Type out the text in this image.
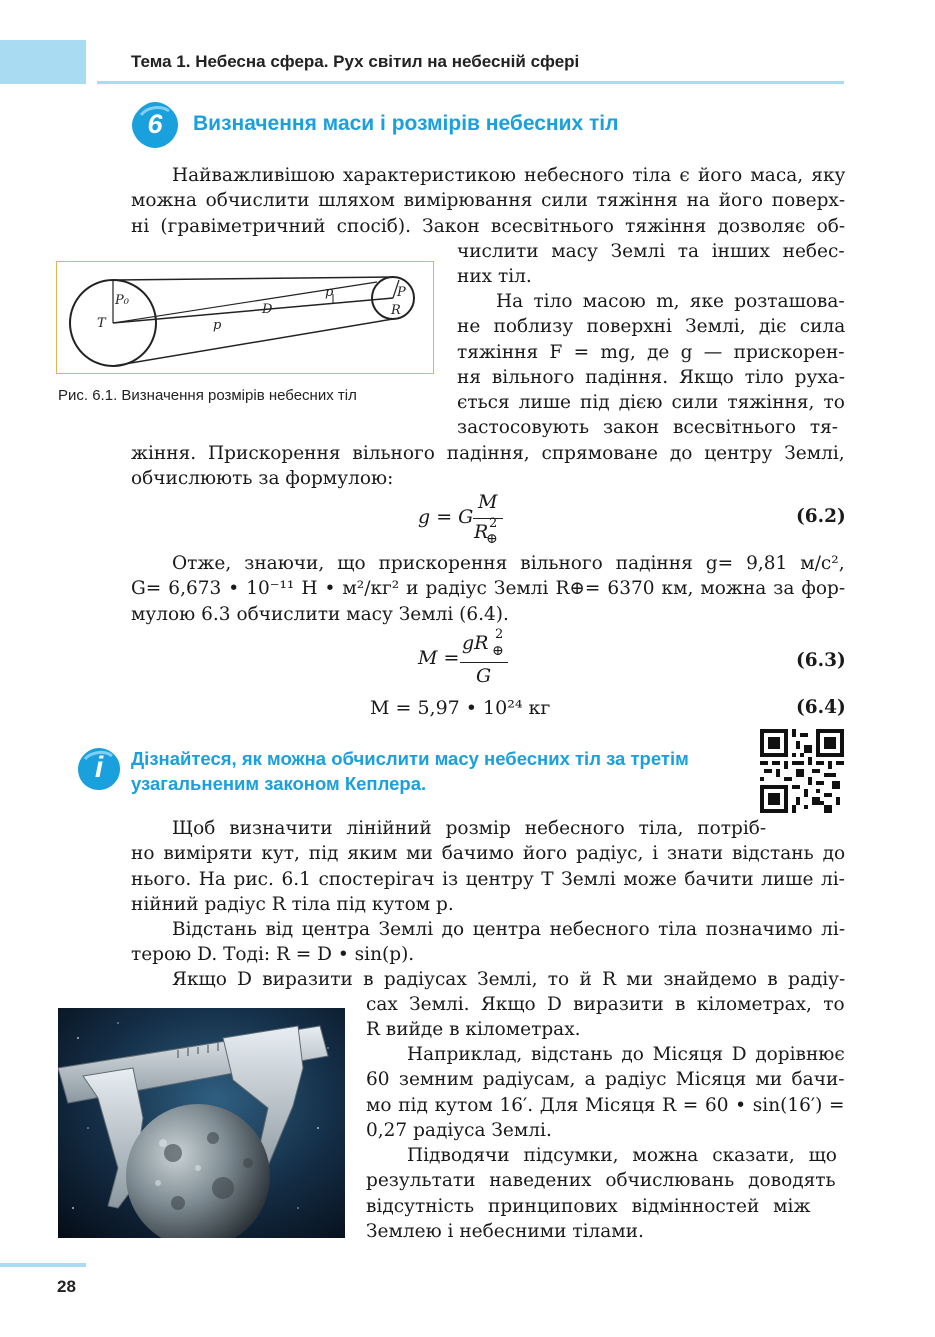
Тема 1. Небесна сфера. Рух світил на небесній сфері
6	Визначення маси і розмірів небесних тіл
Найважливішою характеристикою небесного тіла є його маса, яку
можна обчислити шляхом вимірювання сили тяжіння на його поверх-
ні (гравіметричний спосіб). Закон всесвітнього тяжіння дозволяє об-
числити масу Землі та інших небес-
них тіл.
P₀
T
D
p
p	P
R
Рис. 6.1. Визначення розмірів небесних тіл
На тіло масою m, яке розташова-
не поблизу поверхні Землі, діє сила
тяжіння F = mg, де g — прискорен-
ня вільного падіння. Якщо тіло руха-
ється лише під дією сили тяжіння, то
застосовують закон всесвітнього тя-
жіння. Прискорення вільного падіння, спрямоване до центру Землі,
обчислюють за формулою:
g = G
M
R 2
⊕
(6.2)
Отже, знаючи, що прискорення вільного падіння g= 9,81 м/с²,
G= 6,673 • 10⁻¹¹ Н • м²/кг² и радіус Землі R⊕= 6370 км, можна за фор-
мулою 6.3 обчислити масу Землі (6.4).
M =
gR 2
⊕
G
(6.3)
M = 5,97 • 10²⁴ кг	(6.4)
i	Дізнайтеся, як можна обчислити масу небесних тіл за третім
узагальненим законом Кеплера.
Щоб визначити лінійний розмір небесного тіла, потріб-
но виміряти кут, під яким ми бачимо його радіус, і знати відстань до
нього. На рис. 6.1 спостерігач із центру T Землі може бачити лише лі-
нійний радіус R тіла під кутом p.
Відстань від центра Землі до центра небесного тіла позначимо лі-
терою D. Тоді: R = D • sin(p).
Якщо D виразити в радіусах Землі, то й R ми знайдемо в радіу-
сах Землі. Якщо D виразити в кілометрах, то
R вийде в кілометрах.
Наприклад, відстань до Місяця D дорівнює
60 земним радіусам, а радіус Місяця ми бачи-
мо під кутом 16′. Для Місяця R = 60 • sin(16′) =
0,27 радіуса Землі.
Підводячи підсумки, можна сказати, що
результати наведених обчислювань доводять
відсутність принципових відмінностей між
Землею і небесними тілами.
28
